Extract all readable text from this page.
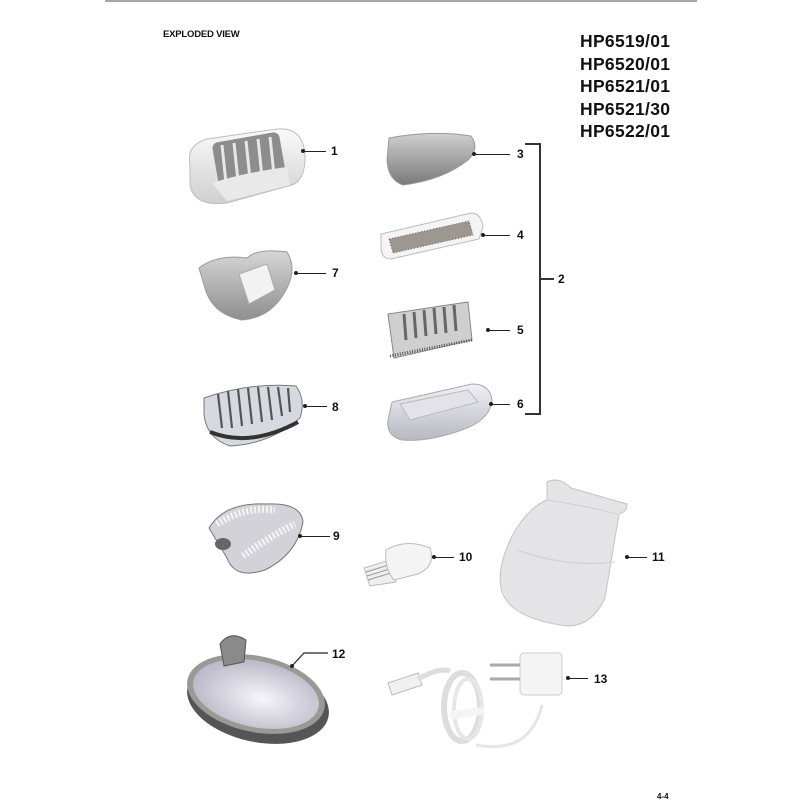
EXPLODED VIEW	HP6519/01
HP6520/01
HP6521/01
HP6521/30
HP6522/01
1	3
4
5
6
2
7
8
9
10	11
12
13
4-4
